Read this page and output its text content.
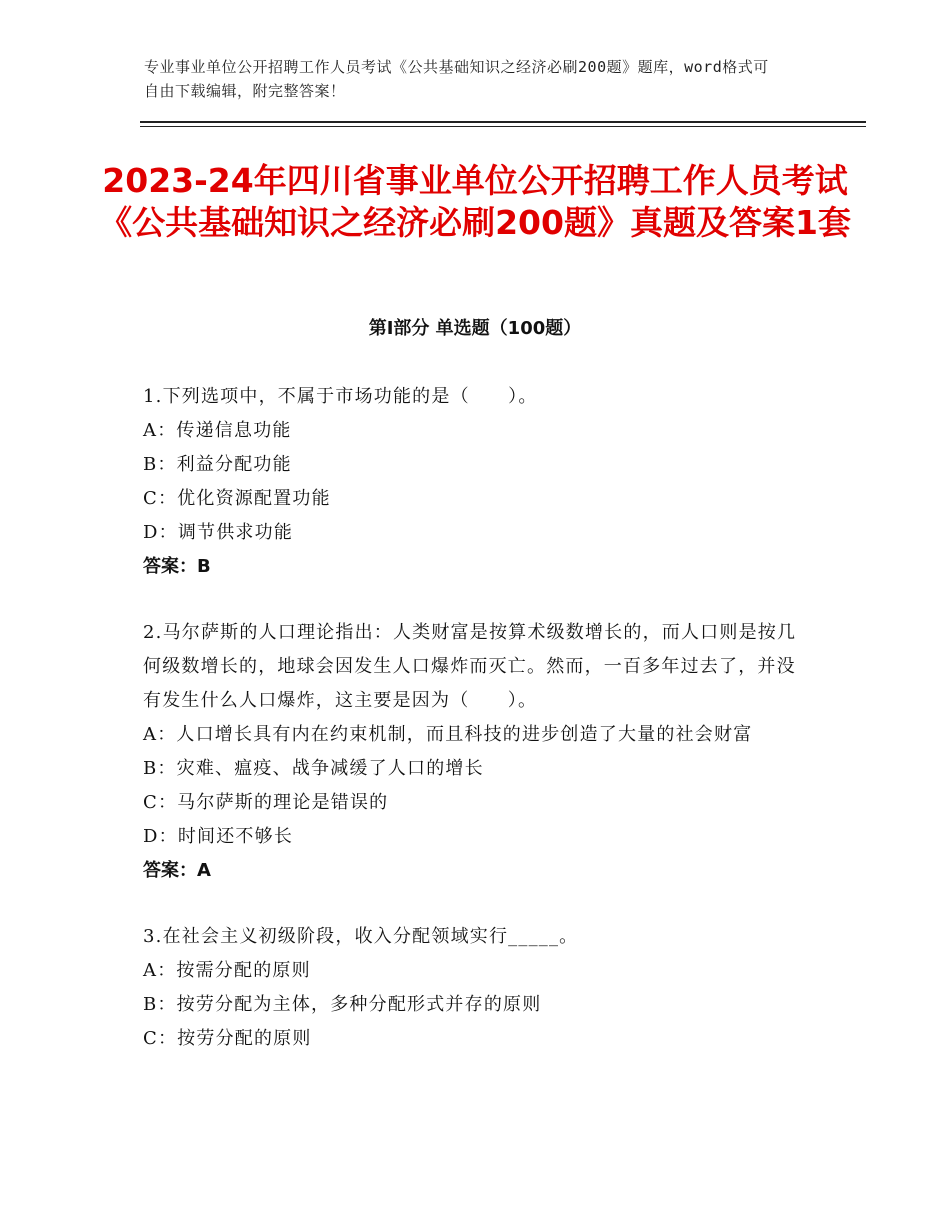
专业事业单位公开招聘工作人员考试《公共基础知识之经济必刷200题》题库，word格式可自由下载编辑，附完整答案！
2023-24年四川省事业单位公开招聘工作人员考试《公共基础知识之经济必刷200题》真题及答案1套
第Ⅰ部分 单选题（100题）
1.下列选项中，不属于市场功能的是（　　）。
A：传递信息功能
B：利益分配功能
C：优化资源配置功能
D：调节供求功能
答案：B
2.马尔萨斯的人口理论指出：人类财富是按算术级数增长的，而人口则是按几何级数增长的，地球会因发生人口爆炸而灭亡。然而，一百多年过去了，并没有发生什么人口爆炸，这主要是因为（　　）。
A：人口增长具有内在约束机制，而且科技的进步创造了大量的社会财富
B：灾难、瘟疫、战争减缓了人口的增长
C：马尔萨斯的理论是错误的
D：时间还不够长
答案：A
3.在社会主义初级阶段，收入分配领域实行_____。
A：按需分配的原则
B：按劳分配为主体，多种分配形式并存的原则
C：按劳分配的原则
